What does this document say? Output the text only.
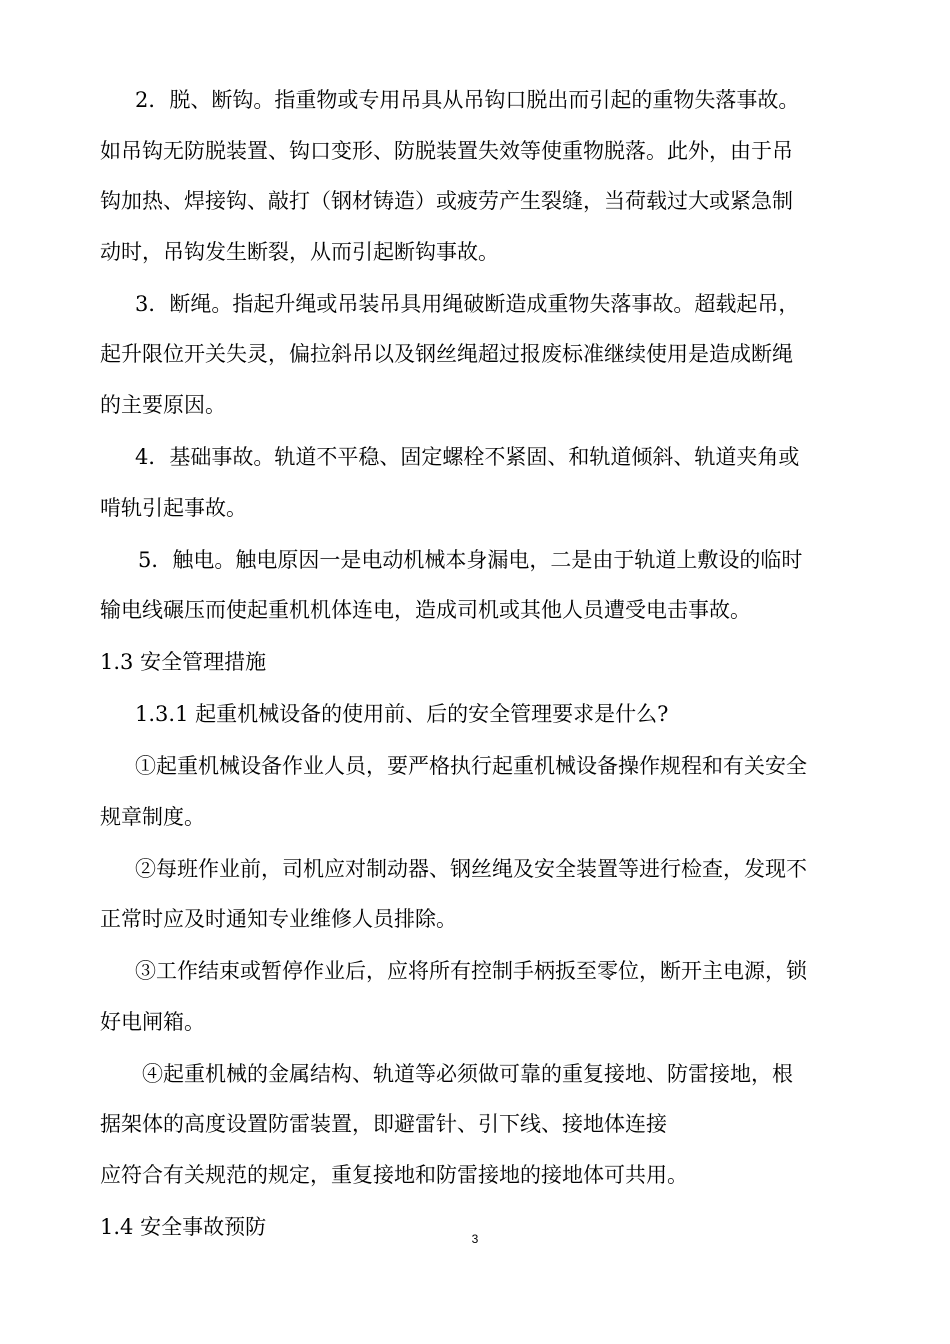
2．脱、断钩。指重物或专用吊具从吊钩口脱出而引起的重物失落事故。
如吊钩无防脱装置、钩口变形、防脱装置失效等使重物脱落。此外，由于吊
钩加热、焊接钩、敲打（钢材铸造）或疲劳产生裂缝，当荷载过大或紧急制
动时，吊钩发生断裂，从而引起断钩事故。

3．断绳。指起升绳或吊装吊具用绳破断造成重物失落事故。超载起吊，
起升限位开关失灵，偏拉斜吊以及钢丝绳超过报废标准继续使用是造成断绳
的主要原因。

4．基础事故。轨道不平稳、固定螺栓不紧固、和轨道倾斜、轨道夹角或
啃轨引起事故。

5．触电。触电原因一是电动机械本身漏电，二是由于轨道上敷设的临时
输电线碾压而使起重机机体连电，造成司机或其他人员遭受电击事故。

1.3 安全管理措施

1.3.1 起重机械设备的使用前、后的安全管理要求是什么?

①起重机械设备作业人员，要严格执行起重机械设备操作规程和有关安全
规章制度。

②每班作业前，司机应对制动器、钢丝绳及安全装置等进行检查，发现不
正常时应及时通知专业维修人员排除。

③工作结束或暂停作业后，应将所有控制手柄扳至零位，断开主电源，锁
好电闸箱。

④起重机械的金属结构、轨道等必须做可靠的重复接地、防雷接地，根
据架体的高度设置防雷装置，即避雷针、引下线、接地体连接
应符合有关规范的规定，重复接地和防雷接地的接地体可共用。

1.4 安全事故预防

3
